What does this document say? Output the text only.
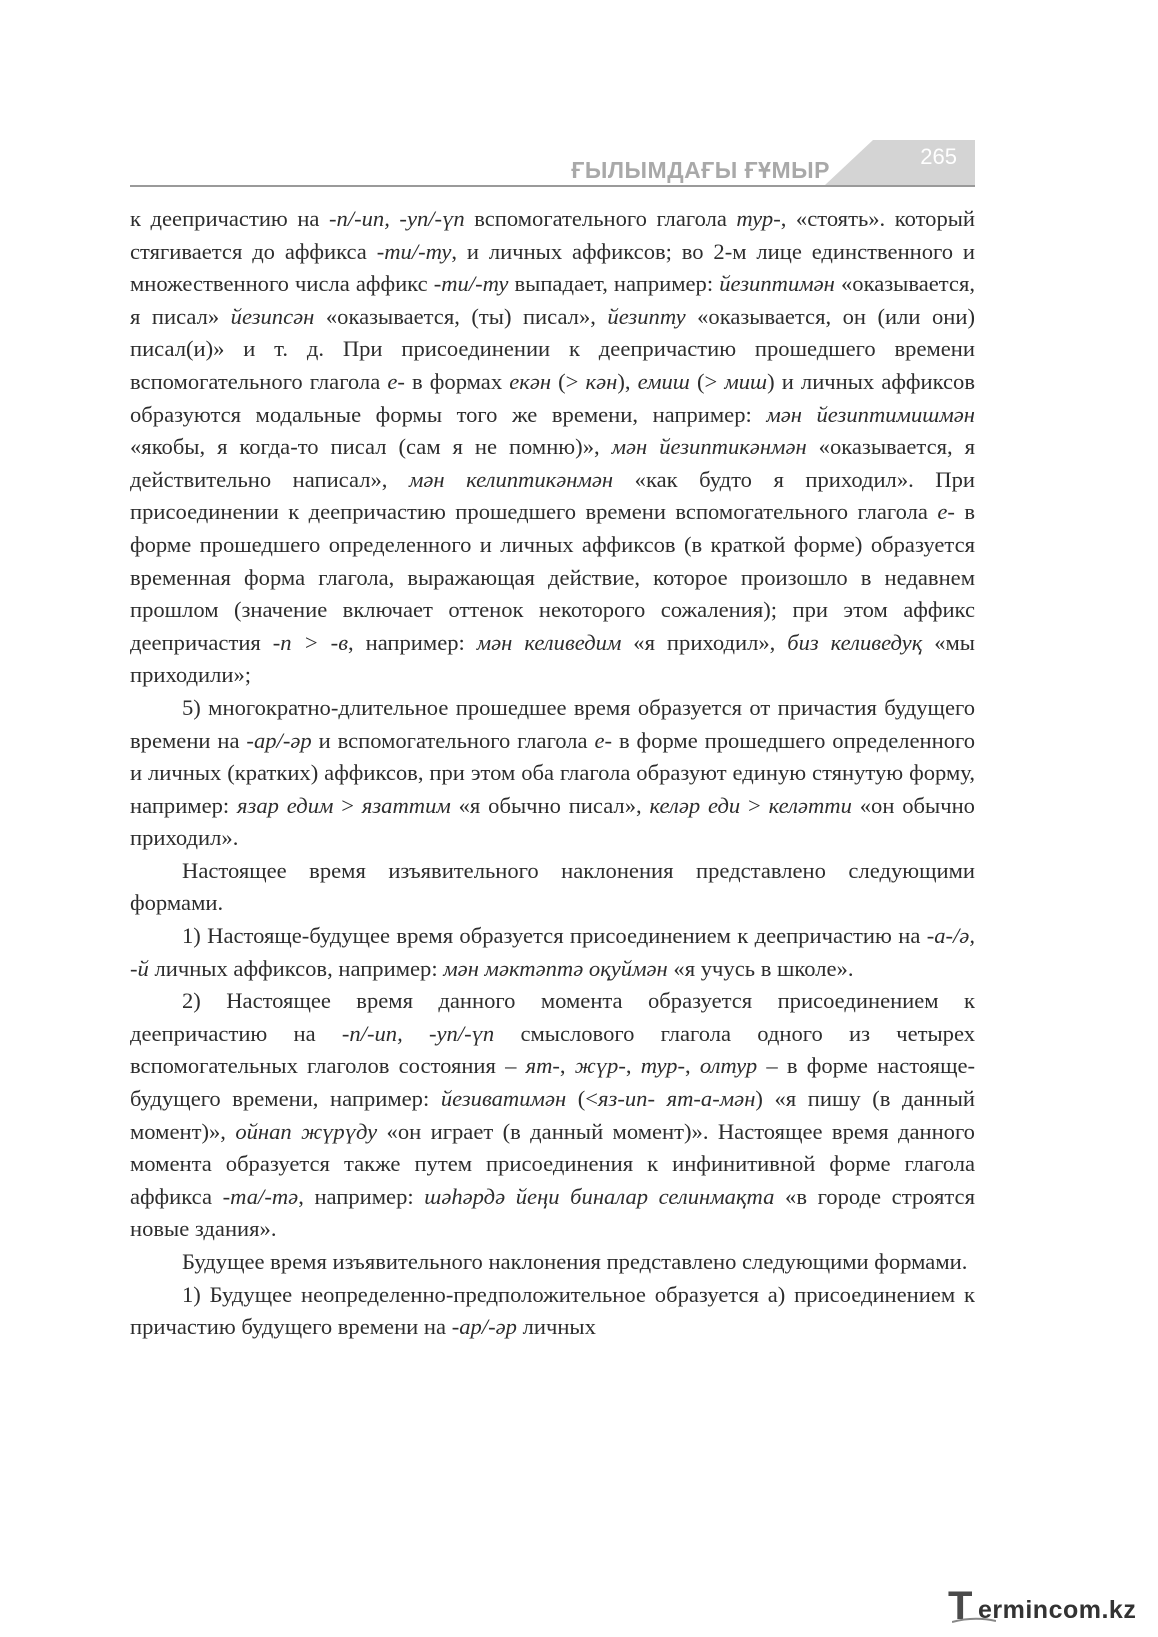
ҒЫЛЫМДАҒЫ ҒҰМЫР
265

к деепричастию на -п/-ип, -уп/-үп вспомогательного глагола тур-, «стоять». который стягивается до аффикса -ти/-ту, и личных аффиксов; во 2-м лице единственного и множественного числа аффикс -ти/-ту выпадает, например: йезиптимән «оказывается, я писал» йезипсән «оказывается, (ты) писал», йезипту «оказывается, он (или они) писал(и)» и т. д. При присоединении к деепричастию прошедшего времени вспомогательного глагола е- в формах екән (> кән), емиш (> миш) и личных аффиксов образуются модальные формы того же времени, например: мән йезиптимишмән «якобы, я когда-то писал (сам я не помню)», мән йезиптикәнмән «оказывается, я действительно написал», мән келиптикәнмән «как будто я приходил». При присоединении к деепричастию прошедшего времени вспомогательного глагола е- в форме прошедшего определенного и личных аффиксов (в краткой форме) образуется временная форма глагола, выражающая действие, которое произошло в недавнем прошлом (значение включает оттенок некоторого сожаления); при этом аффикс деепричастия -п > -в, например: мән келиведим «я приходил», биз келиведуқ «мы приходили»;

5) многократно-длительное прошедшее время образуется от причастия будущего времени на -ар/-әр и вспомогательного глагола е- в форме прошедшего определенного и личных (кратких) аффиксов, при этом оба глагола образуют единую стянутую форму, например: язар едим > язаттим «я обычно писал», келәр еди > келәтти «он обычно приходил».

Настоящее время изъявительного наклонения представлено следующими формами.

1) Настояще-будущее время образуется присоединением к деепричастию на -а-/ә, -й личных аффиксов, например: мән мәктәптә оқуймән «я учусь в школе».

2) Настоящее время данного момента образуется присоединением к деепричастию на -п/-ип, -уп/-үп смыслового глагола одного из четырех вспомогательных глаголов состояния – ят-, жүр-, тур-, олтур – в форме настояще-будущего времени, например: йезиватимән (<яз-ип- ят-а-мән) «я пишу (в данный момент)», ойнап жүрүду «он играет (в данный момент)». Настоящее время данного момента образуется также путем присоединения к инфинитивной форме глагола аффикса -та/-тә, например: шәһәрдә йеңи биналар селинмақта «в городе строятся новые здания».

Будущее время изъявительного наклонения представлено следующими формами.

1) Будущее неопределенно-предположительное образуется а) присоединением к причастию будущего времени на -ар/-әр личных

T ermincom.kz
